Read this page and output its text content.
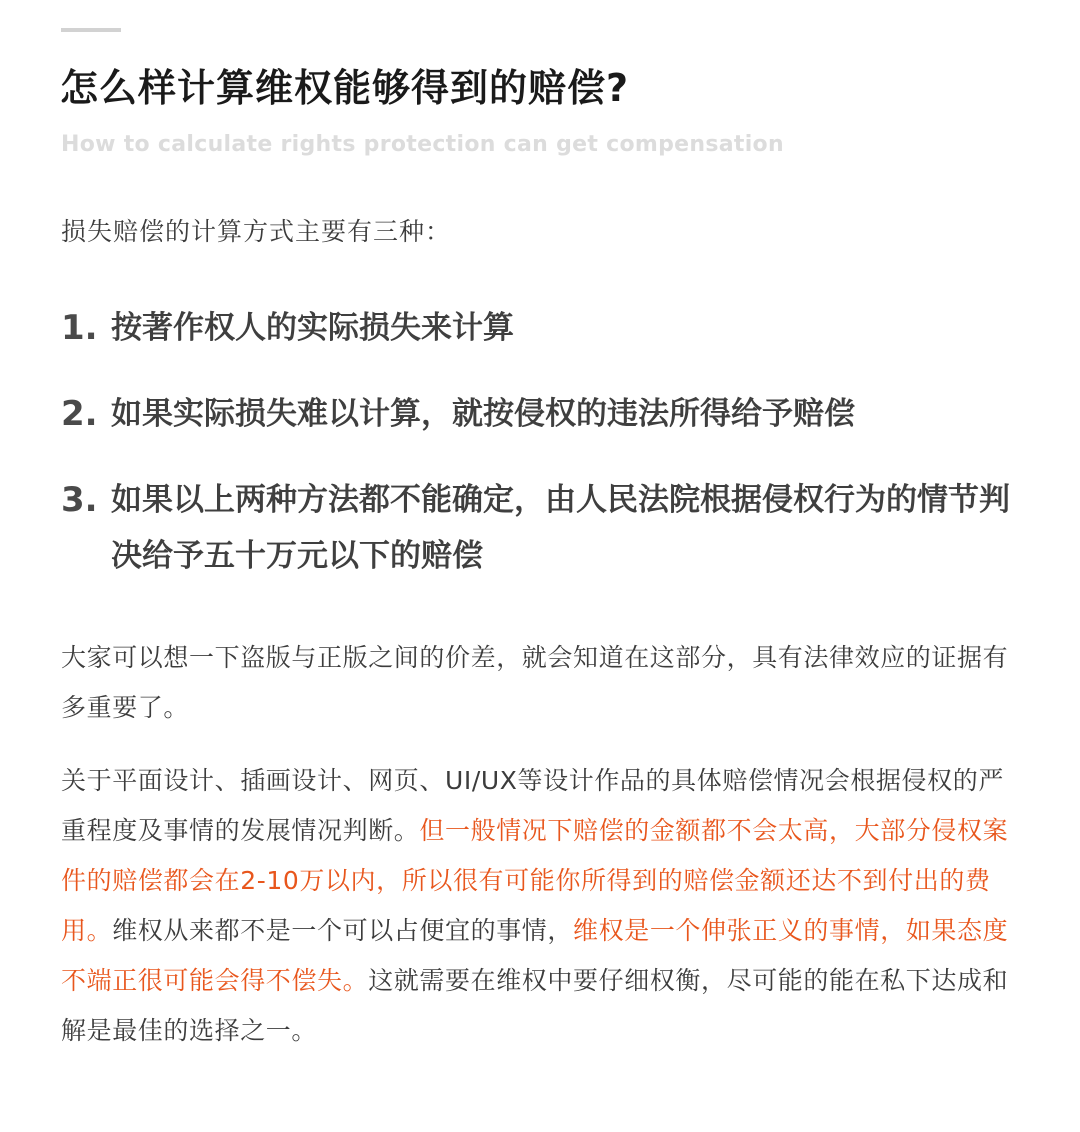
怎么样计算维权能够得到的赔偿?
How to calculate rights protection can get compensation
损失赔偿的计算方式主要有三种：
1. 按著作权人的实际损失来计算
2. 如果实际损失难以计算，就按侵权的违法所得给予赔偿
3. 如果以上两种方法都不能确定，由人民法院根据侵权行为的情节判决给予五十万元以下的赔偿
大家可以想一下盗版与正版之间的价差，就会知道在这部分，具有法律效应的证据有多重要了。
关于平面设计、插画设计、网页、UI/UX等设计作品的具体赔偿情况会根据侵权的严重程度及事情的发展情况判断。但一般情况下赔偿的金额都不会太高，大部分侵权案件的赔偿都会在2-10万以内，所以很有可能你所得到的赔偿金额还达不到付出的费用。维权从来都不是一个可以占便宜的事情，维权是一个伸张正义的事情，如果态度不端正很可能会得不偿失。这就需要在维权中要仔细权衡，尽可能的能在私下达成和解是最佳的选择之一。
